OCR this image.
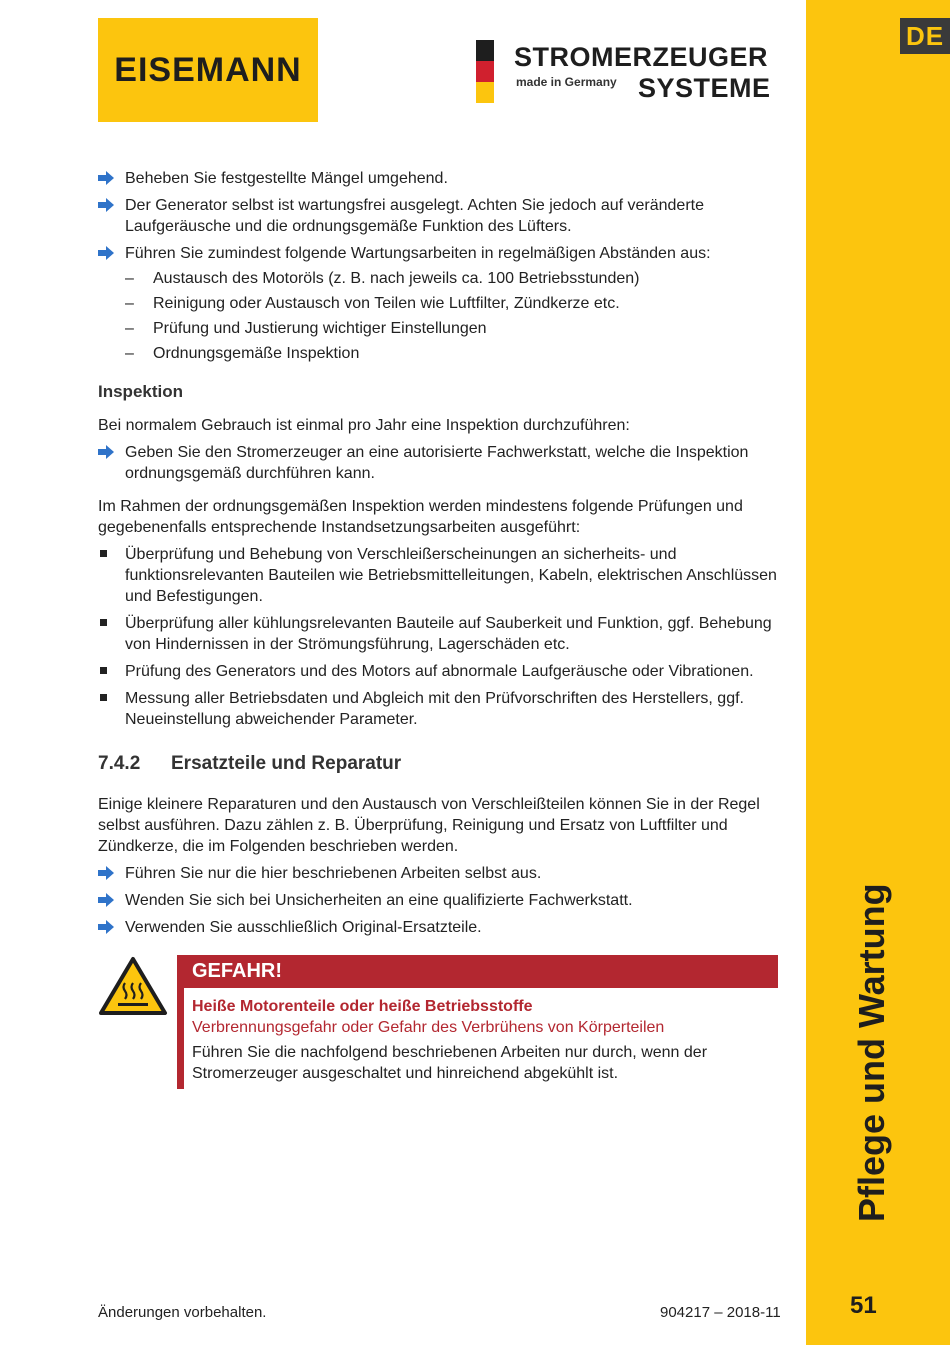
DE
Pflege und Wartung
51
EISEMANN	STROMERZEUGER
made in Germany SYSTEME
Beheben Sie festgestellte Mängel umgehend.
Der Generator selbst ist wartungsfrei ausgelegt. Achten Sie jedoch auf veränderte Laufgeräusche und die ordnungsgemäße Funktion des Lüfters.
Führen Sie zumindest folgende Wartungsarbeiten in regelmäßigen Abständen aus:
– Austausch des Motoröls (z. B. nach jeweils ca. 100 Betriebsstunden)
– Reinigung oder Austausch von Teilen wie Luftfilter, Zündkerze etc.
– Prüfung und Justierung wichtiger Einstellungen
– Ordnungsgemäße Inspektion

Inspektion

Bei normalem Gebrauch ist einmal pro Jahr eine Inspektion durchzuführen:

Geben Sie den Stromerzeuger an eine autorisierte Fachwerkstatt, welche die Inspektion ordnungsgemäß durchführen kann.

Im Rahmen der ordnungsgemäßen Inspektion werden mindestens folgende Prüfungen und gegebenenfalls entsprechende Instandsetzungsarbeiten ausgeführt:

Überprüfung und Behebung von Verschleißerscheinungen an sicherheits- und funktionsrelevanten Bauteilen wie Betriebsmittelleitungen, Kabeln, elektrischen Anschlüssen und Befestigungen.
Überprüfung aller kühlungsrelevanten Bauteile auf Sauberkeit und Funktion, ggf. Behebung von Hindernissen in der Strömungsführung, Lagerschäden etc.
Prüfung des Generators und des Motors auf abnormale Laufgeräusche oder Vibrationen.
Messung aller Betriebsdaten und Abgleich mit den Prüfvorschriften des Herstellers, ggf. Neueinstellung abweichender Parameter.

7.4.2 Ersatzteile und Reparatur

Einige kleinere Reparaturen und den Austausch von Verschleißteilen können Sie in der Regel selbst ausführen. Dazu zählen z. B. Überprüfung, Reinigung und Ersatz von Luftfilter und Zündkerze, die im Folgenden beschrieben werden.

Führen Sie nur die hier beschriebenen Arbeiten selbst aus.
Wenden Sie sich bei Unsicherheiten an eine qualifizierte Fachwerkstatt.
Verwenden Sie ausschließlich Original-Ersatzteile.
GEFAHR!

Heiße Motorenteile oder heiße Betriebsstoffe

Verbrennungsgefahr oder Gefahr des Verbrühens von Körperteilen

Führen Sie die nachfolgend beschriebenen Arbeiten nur durch, wenn der Stromerzeuger ausgeschaltet und hinreichend abgekühlt ist.

Änderungen vorbehalten.	904217 – 2018-11
